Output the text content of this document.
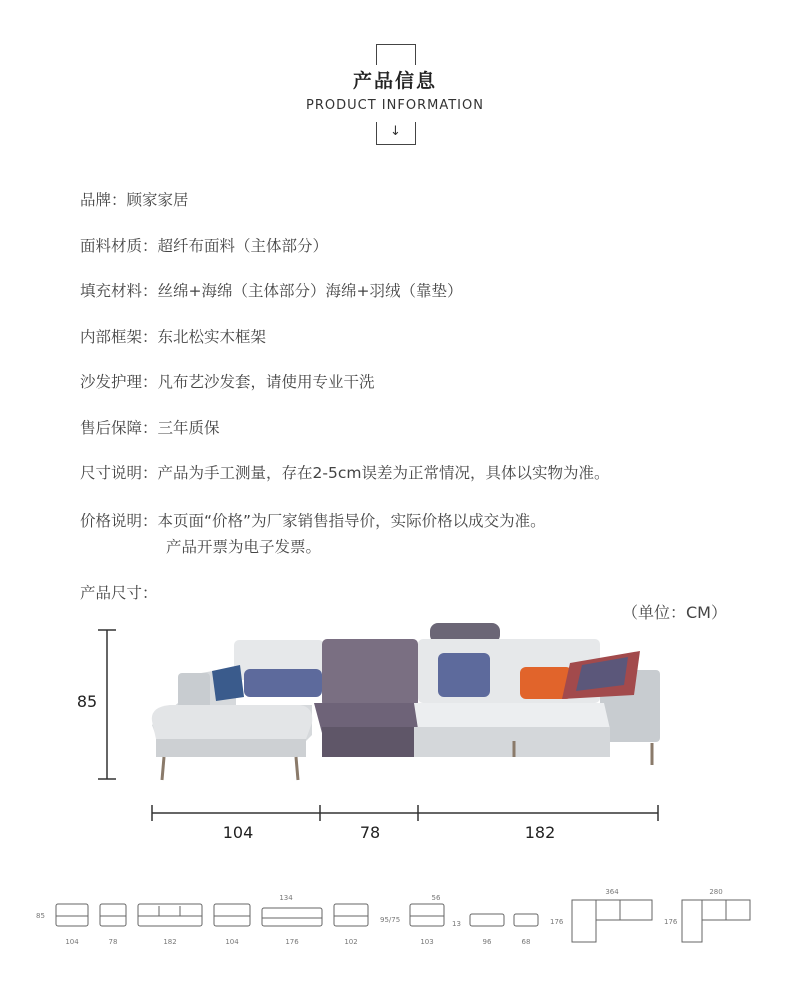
产品信息
PRODUCT INFORMATION
↓
品牌：顾家家居
面料材质：超纤布面料（主体部分）
填充材料：丝绵+海绵（主体部分）海绵+羽绒（靠垫）
内部框架：东北松实木框架
沙发护理：凡布艺沙发套，请使用专业干洗
售后保障：三年质保
尺寸说明：产品为手工测量，存在2-5cm误差为正常情况，具体以实物为准。
价格说明：本页面“价格”为厂家销售指导价，实际价格以成交为准。
产品开票为电子发票。
产品尺寸：
（单位：CM）
85
104	78	182
85
104	78	182	104
134
176	102
95/75
56
103
13
96	68
176
364
176
280
